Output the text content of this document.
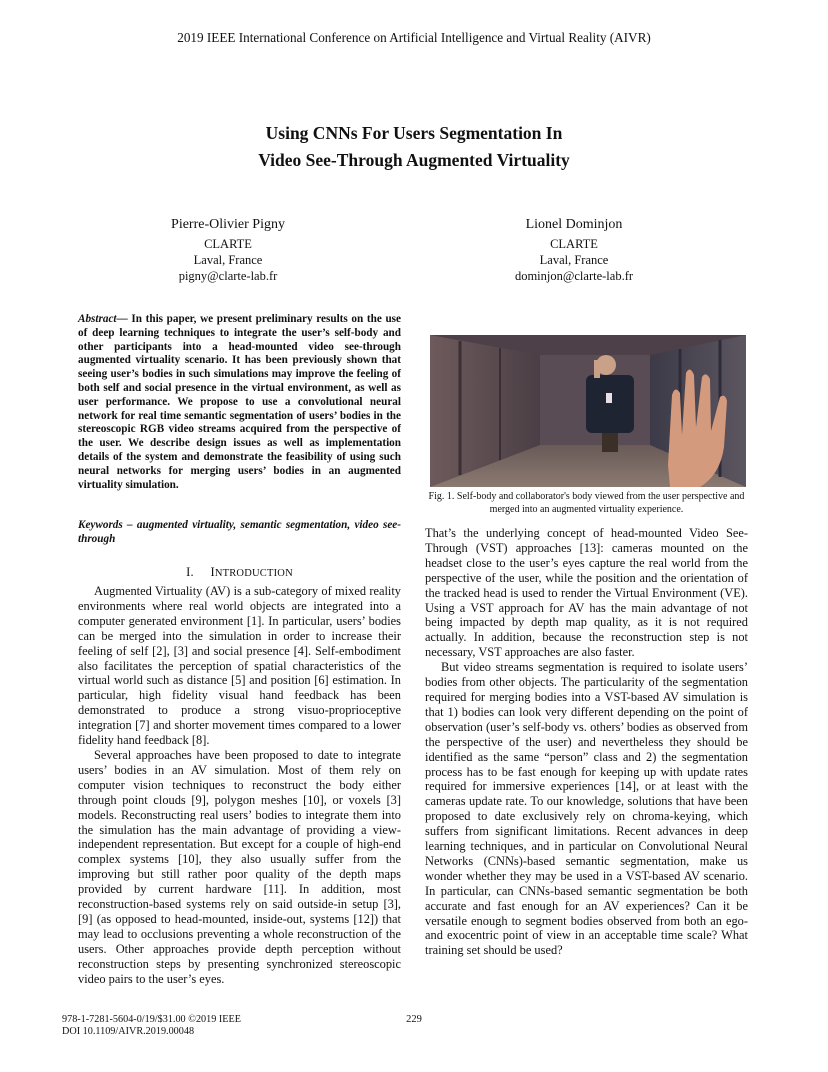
2019 IEEE International Conference on Artificial Intelligence and Virtual Reality (AIVR)
Using CNNs For Users Segmentation In
Video See-Through Augmented Virtuality
Pierre-Olivier Pigny
CLARTE
Laval, France
pigny@clarte-lab.fr
Lionel Dominjon
CLARTE
Laval, France
dominjon@clarte-lab.fr
Abstract— In this paper, we present preliminary results on the use of deep learning techniques to integrate the user’s self-body and other participants into a head-mounted video see-through augmented virtuality scenario. It has been previously shown that seeing user’s bodies in such simulations may improve the feeling of both self and social presence in the virtual environment, as well as user performance. We propose to use a convolutional neural network for real time semantic segmentation of users’ bodies in the stereoscopic RGB video streams acquired from the perspective of the user. We describe design issues as well as implementation details of the system and demonstrate the feasibility of using such neural networks for merging users’ bodies in an augmented virtuality simulation.
Keywords – augmented virtuality, semantic segmentation, video see-through
I. INTRODUCTION

Augmented Virtuality (AV) is a sub-category of mixed reality environments where real world objects are integrated into a computer generated environment [1]. In particular, users’ bodies can be merged into the simulation in order to increase their feeling of self [2], [3] and social presence [4]. Self-embodiment also facilitates the perception of spatial characteristics of the virtual world such as distance [5] and position [6] estimation. In particular, high fidelity visual hand feedback has been demonstrated to produce a strong visuo-proprioceptive integration [7] and shorter movement times compared to a lower fidelity hand feedback [8].

Several approaches have been proposed to date to integrate users’ bodies in an AV simulation. Most of them rely on computer vision techniques to reconstruct the body either through point clouds [9], polygon meshes [10], or voxels [3] models. Reconstructing real users’ bodies to integrate them into the simulation has the main advantage of providing a view-independent representation. But except for a couple of high-end complex systems [10], they also usually suffer from the improving but still rather poor quality of the depth maps provided by current hardware [11]. In addition, most reconstruction-based systems rely on said outside-in setup [3], [9] (as opposed to head-mounted, inside-out, systems [12]) that may lead to occlusions preventing a whole reconstruction of the users. Other approaches provide depth perception without reconstruction steps by presenting synchronized stereoscopic video pairs to the user’s eyes.

Fig. 1. Self-body and collaborator's body viewed from the user perspective and merged into an augmented virtuality experience.

That’s the underlying concept of head-mounted Video See-Through (VST) approaches [13]: cameras mounted on the headset close to the user’s eyes capture the real world from the perspective of the user, while the position and the orientation of the tracked head is used to render the Virtual Environment (VE). Using a VST approach for AV has the main advantage of not being impacted by depth map quality, as it is not required actually. In addition, because the reconstruction step is not necessary, VST approaches are also faster.

But video streams segmentation is required to isolate users’ bodies from other objects. The particularity of the segmentation required for merging bodies into a VST-based AV simulation is that 1) bodies can look very different depending on the point of observation (user’s self-body vs. others’ bodies as observed from the perspective of the user) and nevertheless they should be identified as the same “person” class and 2) the segmentation process has to be fast enough for keeping up with update rates required for immersive experiences [14], or at least with the cameras update rate. To our knowledge, solutions that have been proposed to date exclusively rely on chroma-keying, which suffers from significant limitations. Recent advances in deep learning techniques, and in particular on Convolutional Neural Networks (CNNs)-based semantic segmentation, make us wonder whether they may be used in a VST-based AV scenario. In particular, can CNNs-based semantic segmentation be both accurate and fast enough for an AV experiences? Can it be versatile enough to segment bodies observed from both an ego- and exocentric point of view in an acceptable time scale? What training set should be used?

978-1-7281-5604-0/19/$31.00 ©2019 IEEE
DOI 10.1109/AIVR.2019.00048
229
